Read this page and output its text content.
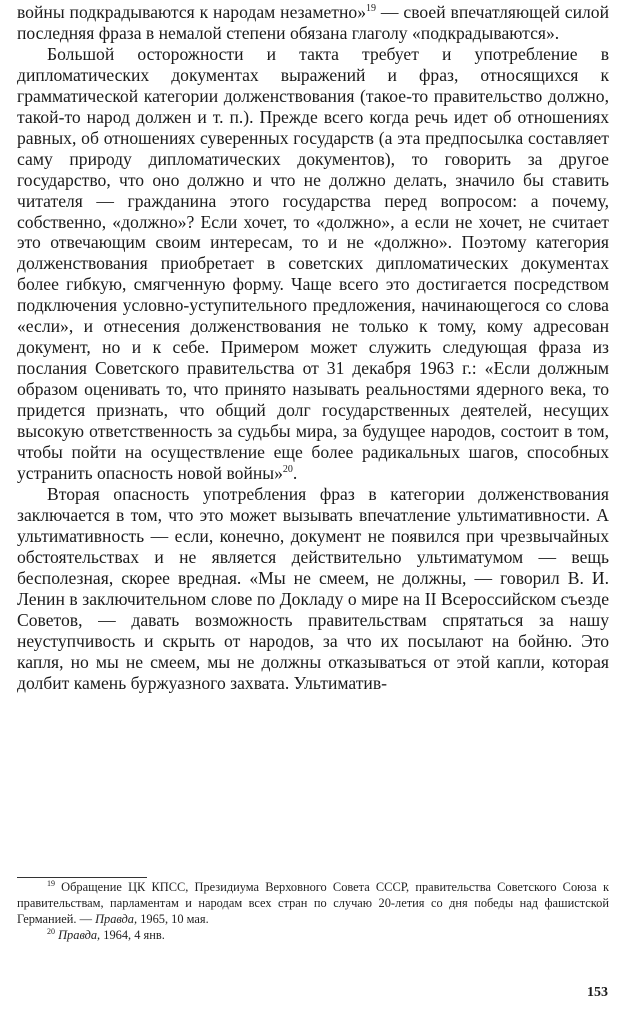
войны подкрадываются к народам незаметно»$^{19}$ — своей впечатляющей силой последняя фраза в немалой степени обязана глаголу «подкрадываются».

Большой осторожности и такта требует и употребление в дипломатических документах выражений и фраз, относящихся к грамматической категории долженствования (такое-то правительство должно, такой-то народ должен и т. п.). Прежде всего когда речь идет об отношениях равных, об отношениях суверенных государств (а эта предпосылка составляет саму природу дипломатических документов), то говорить за другое государство, что оно должно и что не должно делать, значило бы ставить читателя — гражданина этого государства перед вопросом: а почему, собственно, «должно»? Если хочет, то «должно», а если не хочет, не считает это отвечающим своим интересам, то и не «должно». Поэтому категория долженствования приобретает в советских дипломатических документах более гибкую, смягченную форму. Чаще всего это достигается посредством подключения условно-уступительного предложения, начинающегося со слова «если», и отнесения долженствования не только к тому, кому адресован документ, но и к себе. Примером может служить следующая фраза из послания Советского правительства от 31 декабря 1963 г.: «Если должным образом оценивать то, что принято называть реальностями ядерного века, то придется признать, что общий долг государственных деятелей, несущих высокую ответственность за судьбы мира, за будущее народов, состоит в том, чтобы пойти на осуществление еще более радикальных шагов, способных устранить опасность новой войны»$^{20}$.

Вторая опасность употребления фраз в категории долженствования заключается в том, что это может вызывать впечатление ультимативности. А ультимативность — если, конечно, документ не появился при чрезвычайных обстоятельствах и не является действительно ультиматумом — вещь бесполезная, скорее вредная. «Мы не смеем, не должны, — говорил В. И. Ленин в заключительном слове по Докладу о мире на II Всероссийском съезде Советов, — давать возможность правительствам спрятаться за нашу неуступчивость и скрыть от народов, за что их посылают на бойню. Это капля, но мы не смеем, мы не должны отказываться от этой капли, которая долбит камень буржуазного захвата. Ультиматив-

$^{19}$ Обращение ЦК КПСС, Президиума Верховного Совета СССР, правительства Советского Союза к правительствам, парламентам и народам всех стран по случаю 20-летия со дня победы над фашистской Германией. — Правда, 1965, 10 мая.

$^{20}$ Правда, 1964, 4 янв.

153
